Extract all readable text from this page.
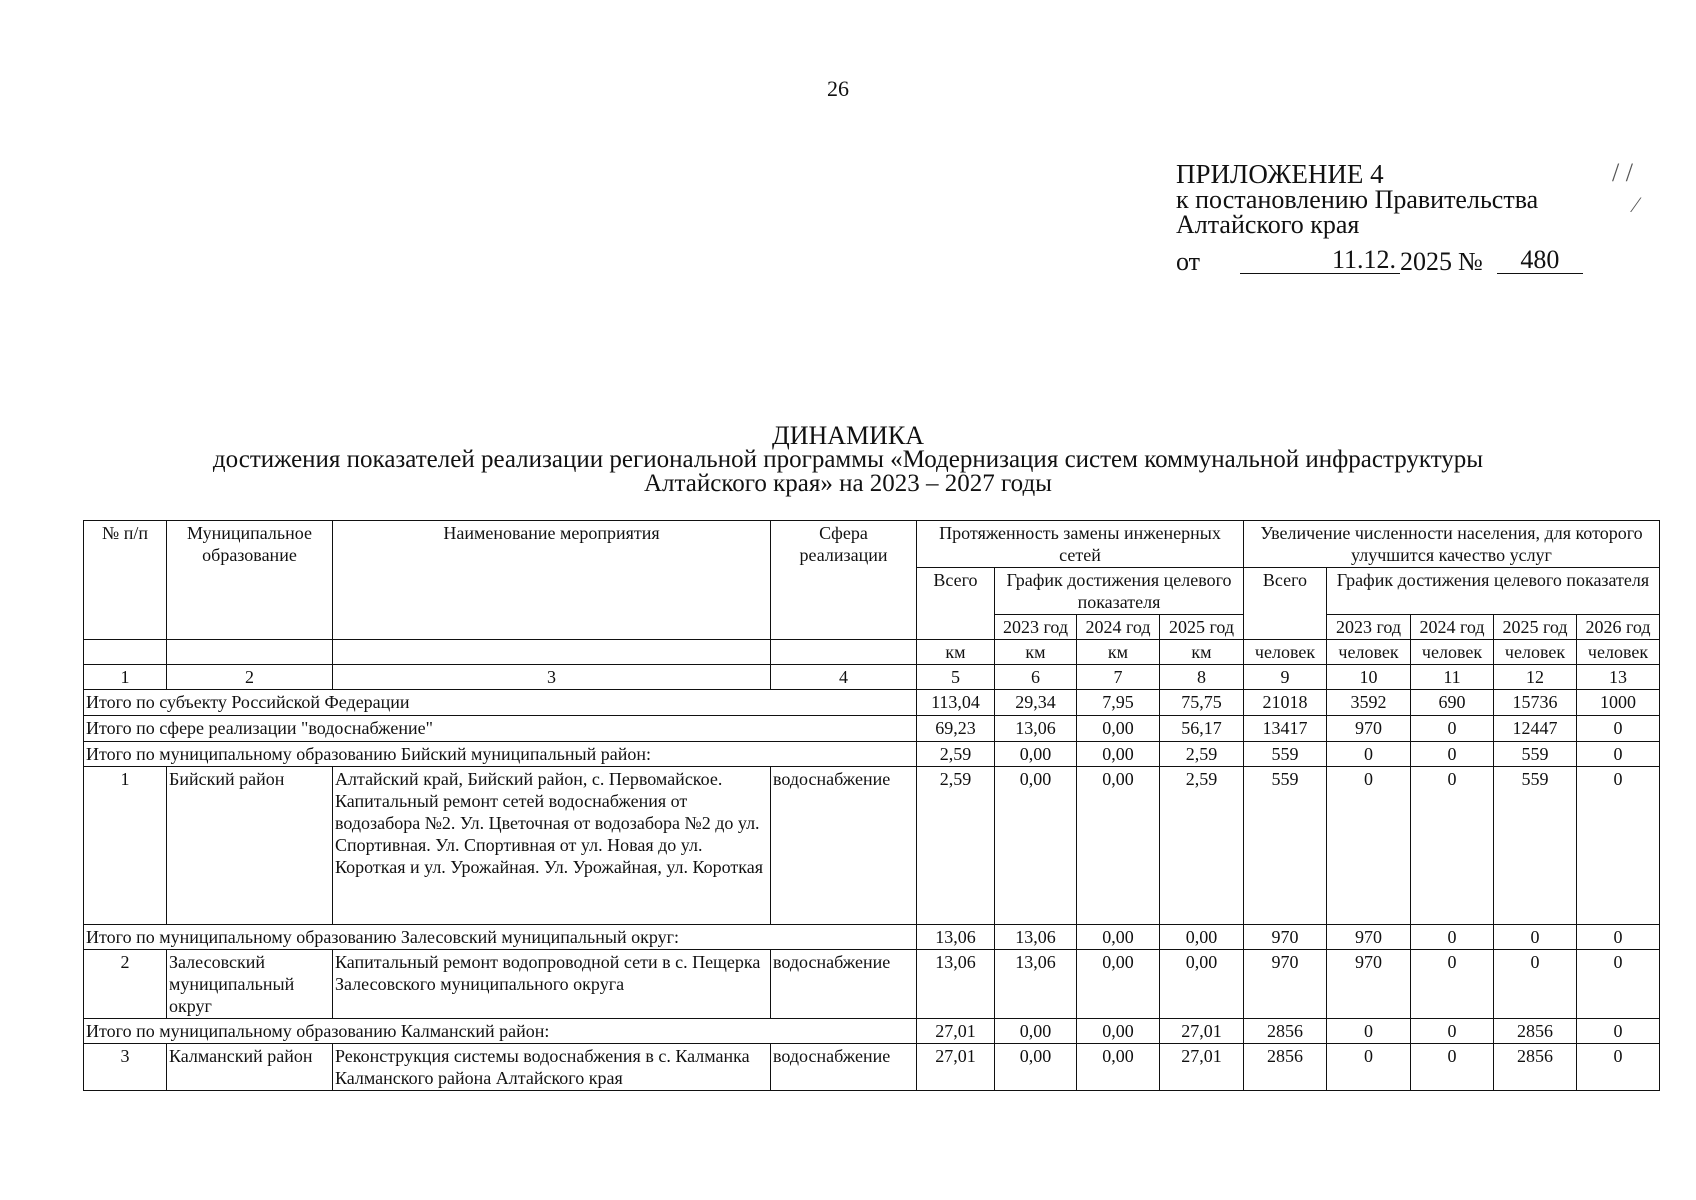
26
ПРИЛОЖЕНИЕ 4
к постановлению Правительства
Алтайского края
от	11.12. 2025 №	480
ДИНАМИКА
достижения показателей реализации региональной программы «Модернизация систем коммунальной инфраструктуры
Алтайского края» на 2023 – 2027 годы
№ п/п	Муниципальное образование	Наименование мероприятия	Сфера реализации	Протяженность замены инженерных сетей				Увеличение численности населения, для которого улучшится качество услуг				
				Всего	График достижения целевого показателя			Всего	График достижения целевого показателя			
					2023 год	2024 год	2025 год		2023 год	2024 год	2025 год	2026 год
				км	км	км	км	человек	человек	человек	человек	человек
1	2	3	4	5	6	7	8	9	10	11	12	13
Итого по субъекту Российской Федерации				113,04	29,34	7,95	75,75	21018	3592	690	15736	1000
Итого по сфере реализации "водоснабжение"				69,23	13,06	0,00	56,17	13417	970	0	12447	0
Итого по муниципальному образованию Бийский муниципальный район:				2,59	0,00	0,00	2,59	559	0	0	559	0
1	Бийский район	Алтайский край, Бийский район, с. Первомайское. Капитальный ремонт сетей водоснабжения от водозабора №2. Ул. Цветочная от водозабора №2 до ул. Спортивная. Ул. Спортивная от ул. Новая до ул. Короткая и ул. Урожайная. Ул. Урожайная, ул. Короткая	водоснабжение	2,59	0,00	0,00	2,59	559	0	0	559	0
Итого по муниципальному образованию Залесовский муниципальный округ:				13,06	13,06	0,00	0,00	970	970	0	0	0
2	Залесовский муниципальный округ	Капитальный ремонт водопроводной сети в с. Пещерка Залесовского муниципального округа	водоснабжение	13,06	13,06	0,00	0,00	970	970	0	0	0
Итого по муниципальному образованию Калманский район:				27,01	0,00	0,00	27,01	2856	0	0	2856	0
3	Калманский район	Реконструкция системы водоснабжения в с. Калманка Калманского района Алтайского края	водоснабжение	27,01	0,00	0,00	27,01	2856	0	0	2856	0
/ /‍
⁄
